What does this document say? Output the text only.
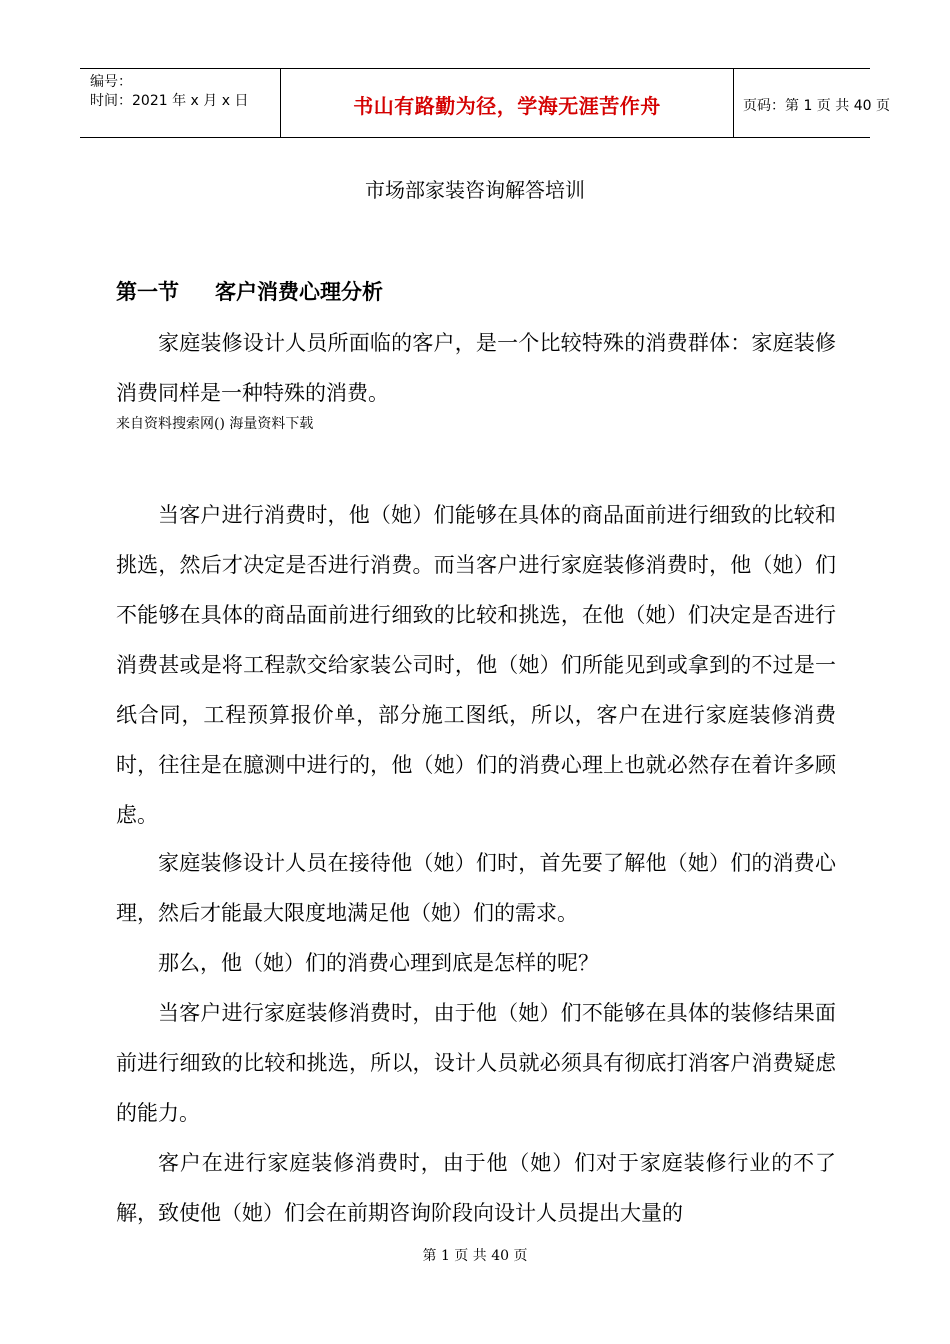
编号：
时间：2021 年 x 月 x 日	书山有路勤为径，学海无涯苦作舟	页码：第 1 页 共 40 页
市场部家装咨询解答培训
第一节 客户消费心理分析

家庭装修设计人员所面临的客户，是一个比较特殊的消费群体：家庭装修消费同样是一种特殊的消费。

来自资料搜索网() 海量资料下载

当客户进行消费时，他（她）们能够在具体的商品面前进行细致的比较和挑选，然后才决定是否进行消费。而当客户进行家庭装修消费时，他（她）们不能够在具体的商品面前进行细致的比较和挑选，在他（她）们决定是否进行消费甚或是将工程款交给家装公司时，他（她）们所能见到或拿到的不过是一纸合同，工程预算报价单，部分施工图纸，所以，客户在进行家庭装修消费时，往往是在臆测中进行的，他（她）们的消费心理上也就必然存在着许多顾虑。

家庭装修设计人员在接待他（她）们时，首先要了解他（她）们的消费心理，然后才能最大限度地满足他（她）们的需求。

那么，他（她）们的消费心理到底是怎样的呢？

当客户进行家庭装修消费时，由于他（她）们不能够在具体的装修结果面前进行细致的比较和挑选，所以，设计人员就必须具有彻底打消客户消费疑虑的能力。

客户在进行家庭装修消费时，由于他（她）们对于家庭装修行业的不了解，致使他（她）们会在前期咨询阶段向设计人员提出大量的

第 1 页 共 40 页
